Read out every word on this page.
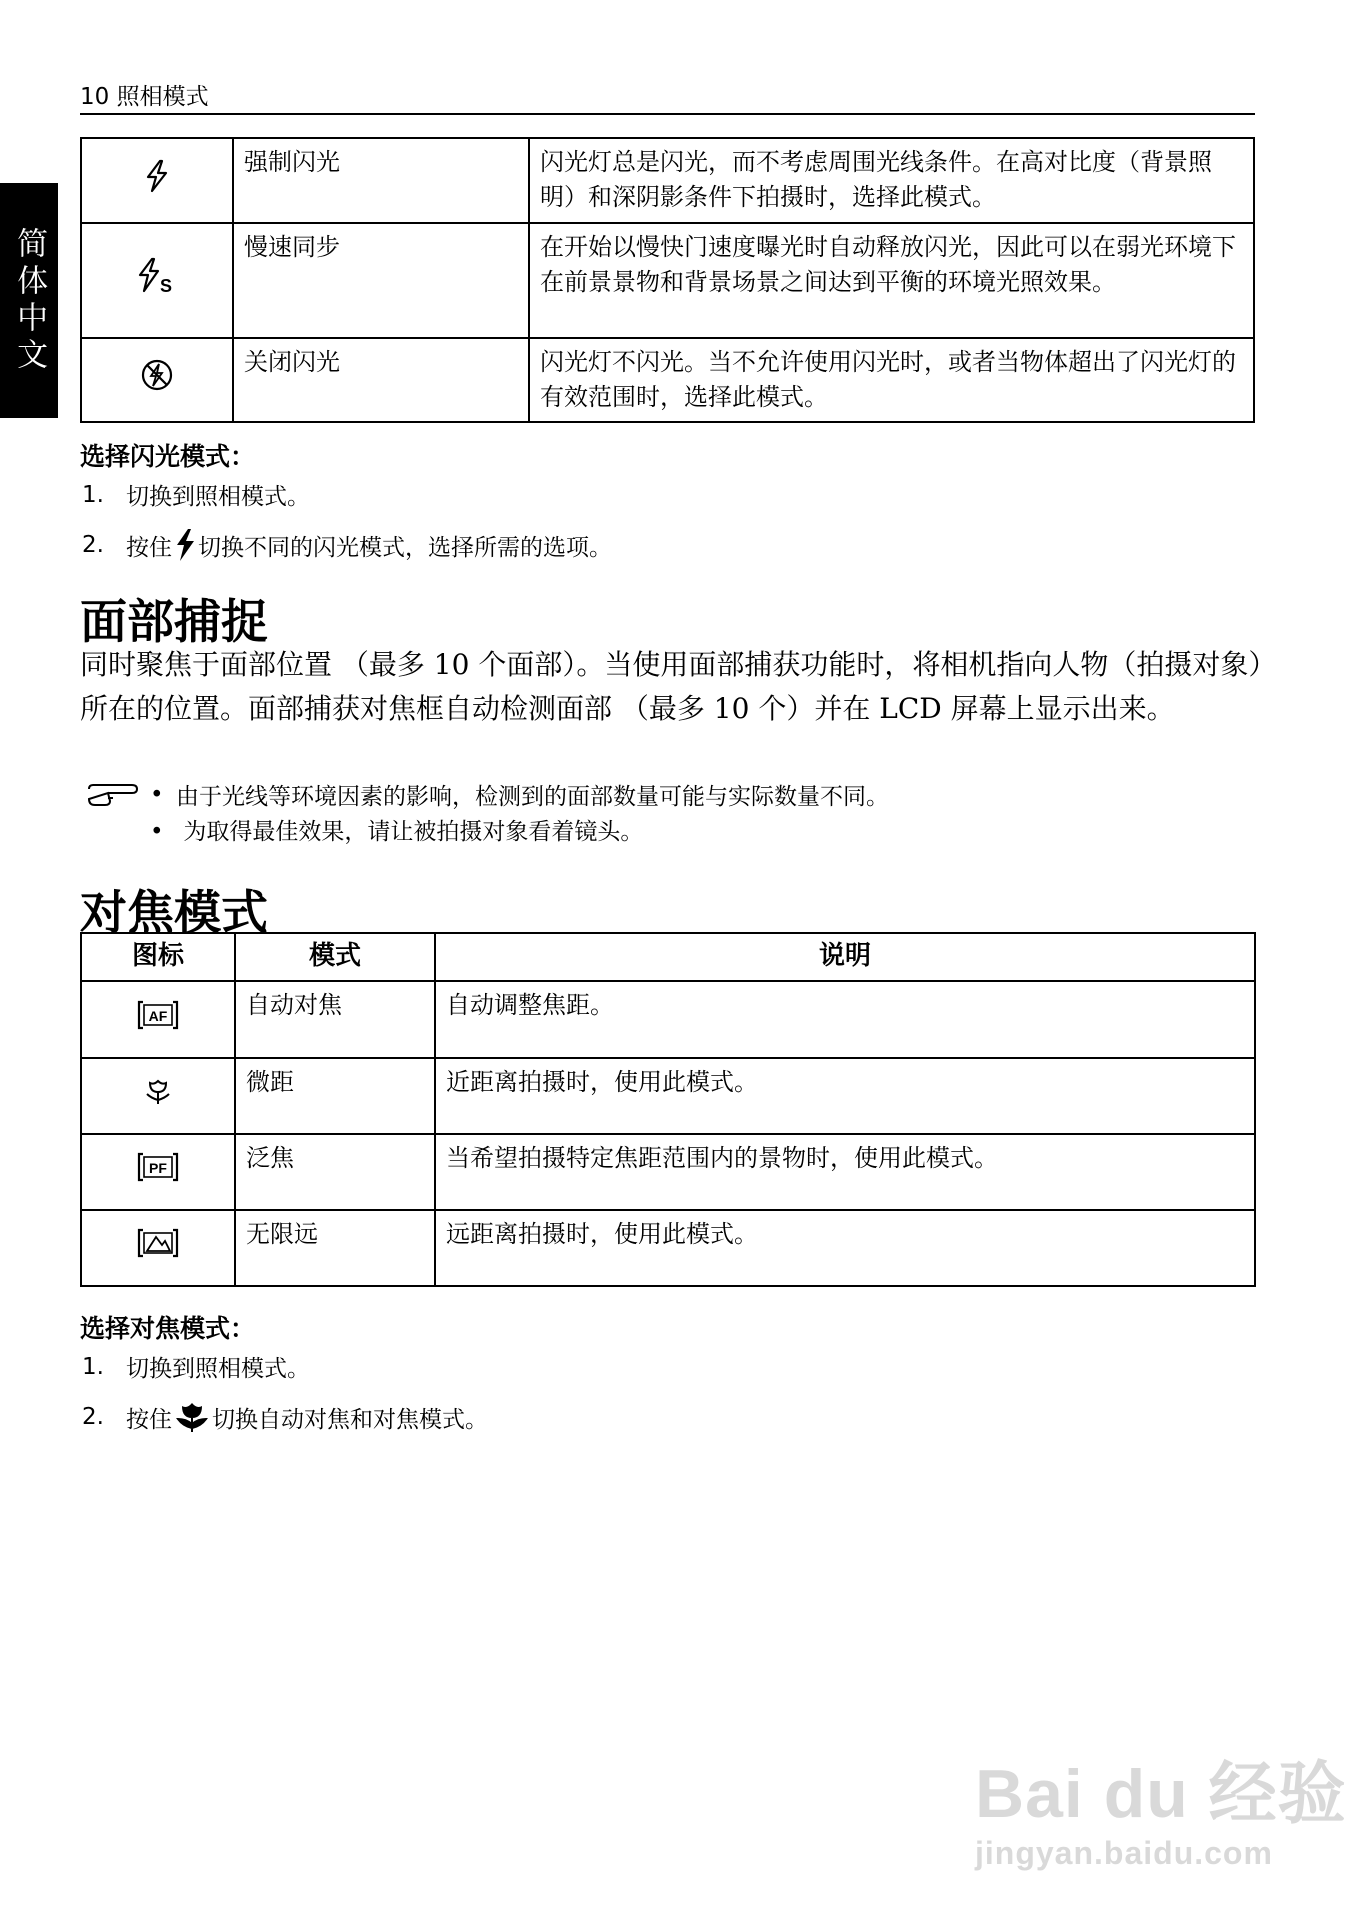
10 照相模式
简体中文
	强制闪光	闪光灯总是闪光，而不考虑周围光线条件。在高对比度（背景照明）和深阴影条件下拍摄时，选择此模式。

S	慢速同步	在开始以慢快门速度曝光时自动释放闪光，因此可以在弱光环境下在前景景物和背景场景之间达到平衡的环境光照效果。
	关闭闪光	闪光灯不闪光。当不允许使用闪光时，或者当物体超出了闪光灯的有效范围时，选择此模式。
选择闪光模式：
1. 切换到照相模式。
2. 按住 切换不同的闪光模式，选择所需的选项。
面部捕捉
同时聚焦于面部位置 （最多 10 个面部）。当使用面部捕获功能时，将相机指向人物（拍摄对象）所在的位置。面部捕获对焦框自动检测面部 （最多 10 个）并在 LCD 屏幕上显示出来。
• 由于光线等环境因素的影响，检测到的面部数量可能与实际数量不同。
• 为取得最佳效果，请让被拍摄对象看着镜头。
对焦模式
图标	模式	说明

AF	自动对焦	自动调整焦距。
	微距	近距离拍摄时，使用此模式。

PF	泛焦	当希望拍摄特定焦距范围内的景物时，使用此模式。
	无限远	远距离拍摄时，使用此模式。
选择对焦模式：
1. 切换到照相模式。
2. 按住 切换自动对焦和对焦模式。
Bai du 经验
jingyan.baidu.com
